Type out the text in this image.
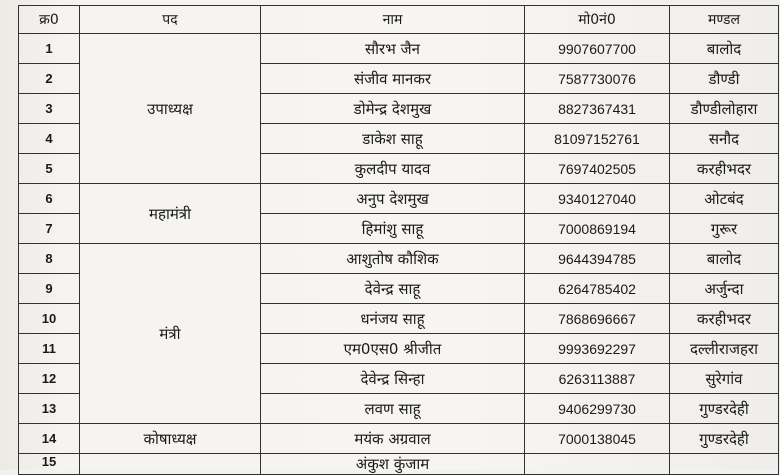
क्र0	पद	नाम	मो0नं0	मण्डल
1	उपाध्यक्ष	सौरभ जैन	9907607700	बालोद
2		संजीव मानकर	7587730076	डौण्डी
3		डोमेन्द्र देशमुख	8827367431	डौण्डीलोहारा
4		डाकेश साहू	81097152761	सनौद
5		कुलदीप यादव	7697402505	करहीभदर
6	महामंत्री	अनुप देशमुख	9340127040	ओटबंद
7		हिमांशु साहू	7000869194	गुरूर
8	मंत्री	आशुतोष कौशिक	9644394785	बालोद
9		देवेन्द्र साहू	6264785402	अर्जुन्दा
10		धनंजय साहू	7868696667	करहीभदर
11		एम0एस0 श्रीजीत	9993692297	दल्लीराजहरा
12		देवेन्द्र सिन्हा	6263113887	सुरेगांव
13		लवण साहू	9406299730	गुण्डरदेही
14	कोषाध्यक्ष	मयंक अग्रवाल	7000138045	गुण्डरदेही
15		अंकुश कुंजाम		
